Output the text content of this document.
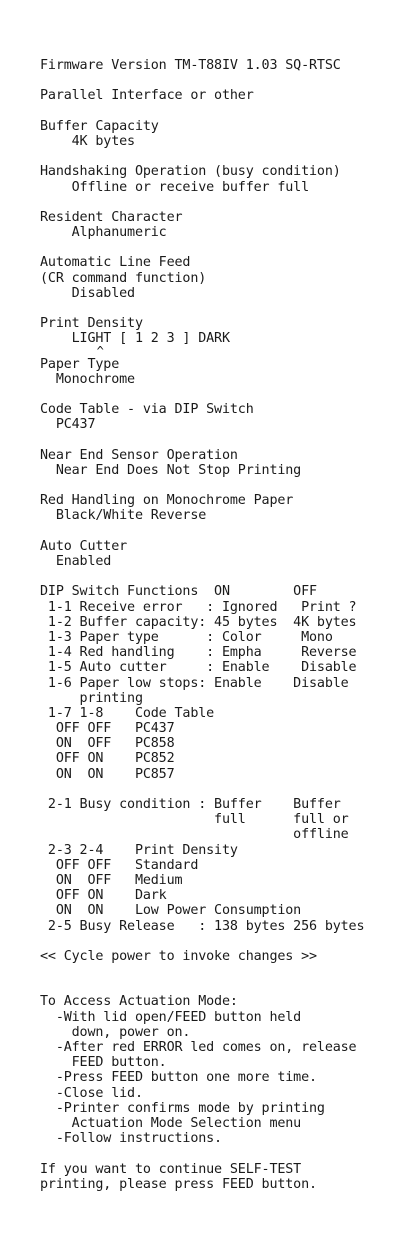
Firmware Version TM-T88IV 1.03 SQ-RTSC
Parallel Interface or other
Buffer Capacity
4K bytes
Handshaking Operation (busy condition)
Offline or receive buffer full
Resident Character
Alphanumeric
Automatic Line Feed
(CR command function)
Disabled
Print Density
LIGHT [ 1 2 3 ] DARK
^
Paper Type
Monochrome
Code Table - via DIP Switch
PC437
Near End Sensor Operation
Near End Does Not Stop Printing
Red Handling on Monochrome Paper
Black/White Reverse
Auto Cutter
Enabled
DIP Switch Functions  ON        OFF
1-1 Receive error   : Ignored   Print ?
1-2 Buffer capacity: 45 bytes  4K bytes
1-3 Paper type      : Color     Mono
1-4 Red handling    : Empha     Reverse
1-5 Auto cutter     : Enable    Disable
1-6 Paper low stops: Enable    Disable
printing
1-7 1-8    Code Table
OFF OFF   PC437
ON  OFF   PC858
OFF ON    PC852
ON  ON    PC857
2-1 Busy condition : Buffer    Buffer
full      full or
offline
2-3 2-4    Print Density
OFF OFF   Standard
ON  OFF   Medium
OFF ON    Dark
ON  ON    Low Power Consumption
2-5 Busy Release   : 138 bytes 256 bytes
<< Cycle power to invoke changes >>
To Access Actuation Mode:
-With lid open/FEED button held
down, power on.
-After red ERROR led comes on, release
FEED button.
-Press FEED button one more time.
-Close lid.
-Printer confirms mode by printing
Actuation Mode Selection menu
-Follow instructions.
If you want to continue SELF-TEST
printing, please press FEED button.
